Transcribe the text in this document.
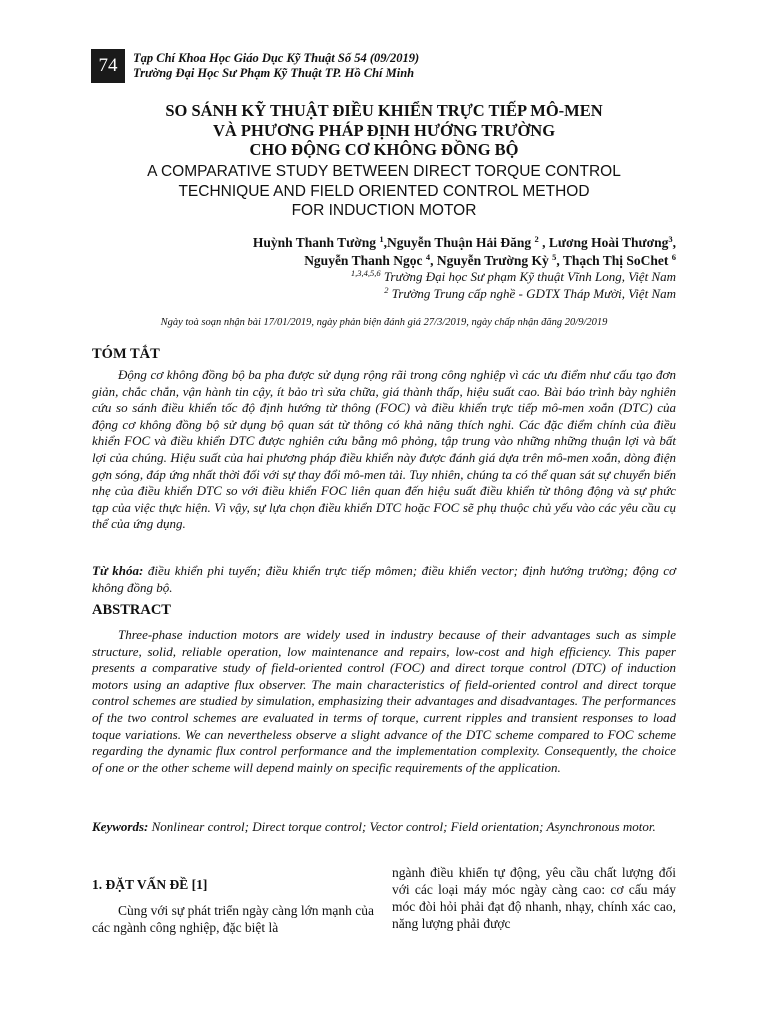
74	Tạp Chí Khoa Học Giáo Dục Kỹ Thuật Số 54 (09/2019)
Trường Đại Học Sư Phạm Kỹ Thuật TP. Hồ Chí Minh
SO SÁNH KỸ THUẬT ĐIỀU KHIỂN TRỰC TIẾP MÔ-MEN
VÀ PHƯƠNG PHÁP ĐỊNH HƯỚNG TRƯỜNG
CHO ĐỘNG CƠ KHÔNG ĐỒNG BỘ
A COMPARATIVE STUDY BETWEEN DIRECT TORQUE CONTROL
TECHNIQUE AND FIELD ORIENTED CONTROL METHOD
FOR INDUCTION MOTOR
Huỳnh Thanh Tường $^1$,Nguyễn Thuận Hải Đăng $^2$ , Lương Hoài Thương$^3$,
Nguyễn Thanh Ngọc $^4$, Nguyễn Trường Kỳ $^5$, Thạch Thị SoChet $^6$
$^{1,3,4,5,6}$ Trường Đại học Sư phạm Kỹ thuật Vĩnh Long, Việt Nam
$^2$ Trường Trung cấp nghề - GDTX Tháp Mười, Việt Nam
Ngày toà soạn nhận bài 17/01/2019, ngày phản biện đánh giá 27/3/2019, ngày chấp nhận đăng 20/9/2019
TÓM TẮT

Động cơ không đồng bộ ba pha được sử dụng rộng rãi trong công nghiệp vì các ưu điểm như cấu tạo đơn giản, chắc chắn, vận hành tin cậy, ít bảo trì sửa chữa, giá thành thấp, hiệu suất cao. Bài báo trình bày nghiên cứu so sánh điều khiển tốc độ định hướng từ thông (FOC) và điều khiển trực tiếp mô-men xoắn (DTC) của động cơ không đồng bộ sử dụng bộ quan sát từ thông có khả năng thích nghi. Các đặc điểm chính của điều khiển FOC và điều khiển DTC được nghiên cứu bằng mô phỏng, tập trung vào những những thuận lợi và bất lợi của chúng. Hiệu suất của hai phương pháp điều khiển này được đánh giá dựa trên mô-men xoắn, dòng điện gợn sóng, đáp ứng nhất thời đối với sự thay đổi mô-men tải. Tuy nhiên, chúng ta có thể quan sát sự chuyển biến nhẹ của điều khiển DTC so với điều khiển FOC liên quan đến hiệu suất điều khiển từ thông động và sự phức tạp của việc thực hiện. Vì vậy, sự lựa chọn điều khiển DTC hoặc FOC sẽ phụ thuộc chủ yếu vào các yêu cầu cụ thể của ứng dụng.

Từ khóa: điều khiển phi tuyến; điều khiển trực tiếp mômen; điều khiển vector; định hướng trường; động cơ không đồng bộ.
ABSTRACT

Three-phase induction motors are widely used in industry because of their advantages such as simple structure, solid, reliable operation, low maintenance and repairs, low-cost and high efficiency. This paper presents a comparative study of field-oriented control (FOC) and direct torque control (DTC) of induction motors using an adaptive flux observer. The main characteristics of field-oriented control and direct torque control schemes are studied by simulation, emphasizing their advantages and disadvantages. The performances of the two control schemes are evaluated in terms of torque, current ripples and transient responses to load toque variations. We can nevertheless observe a slight advance of the DTC scheme compared to FOC scheme regarding the dynamic flux control performance and the implementation complexity. Consequently, the choice of one or the other scheme will depend mainly on specific requirements of the application.

Keywords: Nonlinear control; Direct torque control; Vector control; Field orientation; Asynchronous motor.
1. ĐẶT VẤN ĐỀ [1]
Cùng với sự phát triển ngày càng lớn mạnh của các ngành công nghiệp, đặc biệt là
ngành điều khiển tự động, yêu cầu chất lượng đối với các loại máy móc ngày càng cao: cơ cấu máy móc đòi hỏi phải đạt độ nhanh, nhạy, chính xác cao, năng lượng phải được
